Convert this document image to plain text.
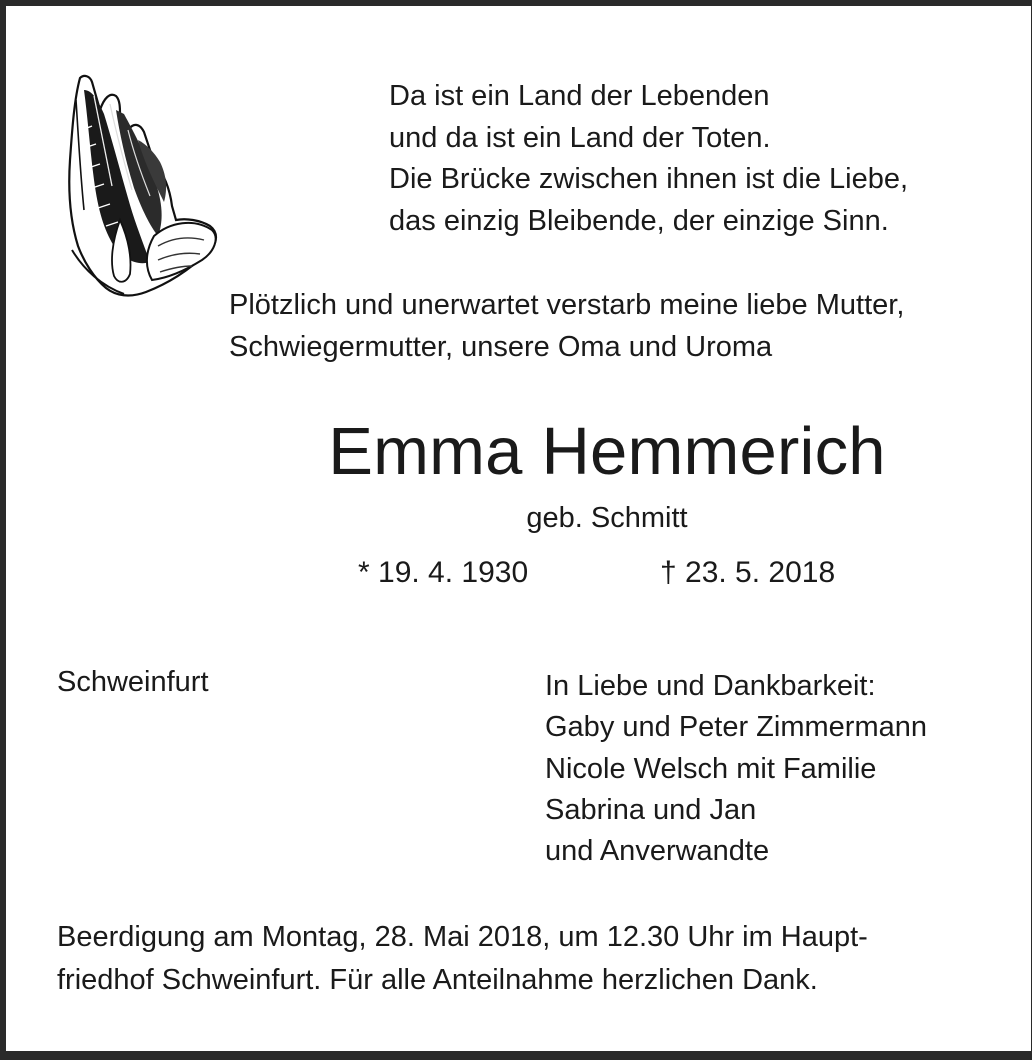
Da ist ein Land der Lebenden
und da ist ein Land der Toten.
Die Brücke zwischen ihnen ist die Liebe,
das einzig Bleibende, der einzige Sinn.
Plötzlich und unerwartet verstarb meine liebe Mutter,
Schwiegermutter, unsere Oma und Uroma
Emma Hemmerich
geb. Schmitt
* 19. 4. 1930	† 23. 5. 2018
Schweinfurt	In Liebe und Dankbarkeit:
Gaby und Peter Zimmermann
Nicole Welsch mit Familie
Sabrina und Jan
und Anverwandte
Beerdigung am Montag, 28. Mai 2018, um 12.30 Uhr im Haupt-
friedhof Schweinfurt. Für alle Anteilnahme herzlichen Dank.
